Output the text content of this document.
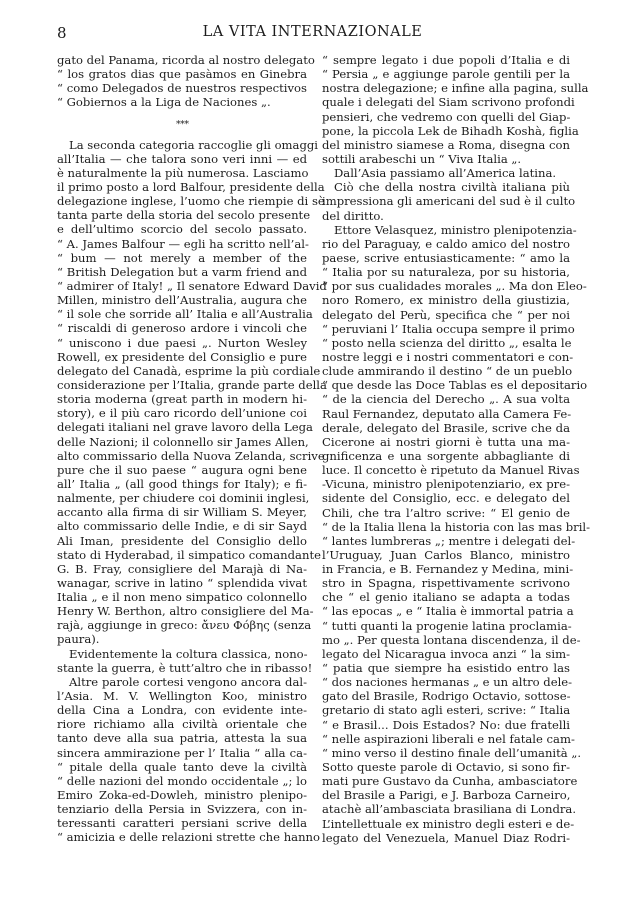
8	LA VITA INTERNAZIONALE
gato del Panama, ricorda al nostro delegato
“ los gratos dias que pasàmos en Ginebra
“ como Delegados de nuestros respectivos
“ Gobiernos a la Liga de Naciones „.
* * *
La seconda categoria raccoglie gli omaggi
all’Italia — che talora sono veri inni — ed
è naturalmente la più numerosa. Lasciamo
il primo posto a lord Balfour, presidente della
delegazione inglese, l’uomo che riempie di sè
tanta parte della storia del secolo presente
e dell’ultimo scorcio del secolo passato.
“ A. James Balfour — egli ha scritto nell’al-
“ bum — not merely a member of the
“ British Delegation but a varm friend and
“ admirer of Italy! „ Il senatore Edward David
Millen, ministro dell’Australia, augura che
“ il sole che sorride all’ Italia e all’Australia
“ riscaldi di generoso ardore i vincoli che
“ uniscono i due paesi „. Nurton Wesley
Rowell, ex presidente del Consiglio e pure
delegato del Canadà, esprime la più cordiale
considerazione per l’Italia, grande parte della
storia moderna (great parth in modern hi-
story), e il più caro ricordo dell’unione coi
delegati italiani nel grave lavoro della Lega
delle Nazioni; il colonnello sir James Allen,
alto commissario della Nuova Zelanda, scrive
pure che il suo paese “ augura ogni bene
all’ Italia „ (all good things for Italy); e fi-
nalmente, per chiudere coi dominii inglesi,
accanto alla firma di sir William S. Meyer,
alto commissario delle Indie, e di sir Sayd
Ali Iman, presidente del Consiglio dello
stato di Hyderabad, il simpatico comandante
G. B. Fray, consigliere del Marajà di Na-
wanagar, scrive in latino “ splendida vivat
Italia „ e il non meno simpatico colonnello
Henry W. Berthon, altro consigliere del Ma-
rajà, aggiunge in greco: ἄνευ Φόβης (senza
paura).
Evidentemente la coltura classica, nono-
stante la guerra, è tutt’altro che in ribasso!
Altre parole cortesi vengono ancora dal-
l’Asia. M. V. Wellington Koo, ministro
della Cina a Londra, con evidente inte-
riore richiamo alla civiltà orientale che
tanto deve alla sua patria, attesta la sua
sincera ammirazione per l’ Italia “ alla ca-
“ pitale della quale tanto deve la civiltà
“ delle nazioni del mondo occidentale „; lo
Emiro Zoka-ed-Dowleh, ministro plenipo-
tenziario della Persia in Svizzera, con in-
teressanti caratteri persiani scrive della
“ amicizia e delle relazioni strette che hanno
“ sempre legato i due popoli d’Italia e di
“ Persia „ e aggiunge parole gentili per la
nostra delegazione; e infine alla pagina, sulla
quale i delegati del Siam scrivono profondi
pensieri, che vedremo con quelli del Giap-
pone, la piccola Lek de Bihadh Koshà, figlia
del ministro siamese a Roma, disegna con
sottili arabeschi un “ Viva Italia „.
Dall’Asia passiamo all’America latina.
Ciò che della nostra civiltà italiana più
impressiona gli americani del sud è il culto
del diritto.
Ettore Velasquez, ministro plenipotenzia-
rio del Paraguay, e caldo amico del nostro
paese, scrive entusiasticamente: “ amo la
“ Italia por su naturaleza, por su historia,
“ por sus cualidades morales „. Ma don Eleo-
noro Romero, ex ministro della giustizia,
delegato del Perù, specifica che “ per noi
“ peruviani l’ Italia occupa sempre il primo
“ posto nella scienza del diritto „, esalta le
nostre leggi e i nostri commentatori e con-
clude ammirando il destino “ de un pueblo
“ que desde las Doce Tablas es el depositario
“ de la ciencia del Derecho „. A sua volta
Raul Fernandez, deputato alla Camera Fe-
derale, delegato del Brasile, scrive che da
Cicerone ai nostri giorni è tutta una ma-
gnificenza e una sorgente abbagliante di
luce. Il concetto è ripetuto da Manuel Rivas
-Vicuna, ministro plenipotenziario, ex pre-
sidente del Consiglio, ecc. e delegato del
Chili, che tra l’altro scrive: “ El genio de
“ de la Italia llena la historia con las mas bril-
“ lantes lumbreras „; mentre i delegati del-
l’Uruguay, Juan Carlos Blanco, ministro
in Francia, e B. Fernandez y Medina, mini-
stro in Spagna, rispettivamente scrivono
che “ el genio italiano se adapta a todas
“ las epocas „ e “ Italia è immortal patria a
“ tutti quanti la progenie latina proclamia-
mo „. Per questa lontana discendenza, il de-
legato del Nicaragua invoca anzi “ la sim-
“ patia que siempre ha esistido entro las
“ dos naciones hermanas „ e un altro dele-
gato del Brasile, Rodrigo Octavio, sottose-
gretario di stato agli esteri, scrive: “ Italia
“ e Brasil... Dois Estados? No: due fratelli
“ nelle aspirazioni liberali e nel fatale cam-
“ mino verso il destino finale dell’umanità „.
Sotto queste parole di Octavio, si sono fir-
mati pure Gustavo da Cunha, ambasciatore
del Brasile a Parigi, e J. Barboza Carneiro,
atachè all’ambasciata brasiliana di Londra.
L’intellettuale ex ministro degli esteri e de-
legato del Venezuela, Manuel Diaz Rodri-
